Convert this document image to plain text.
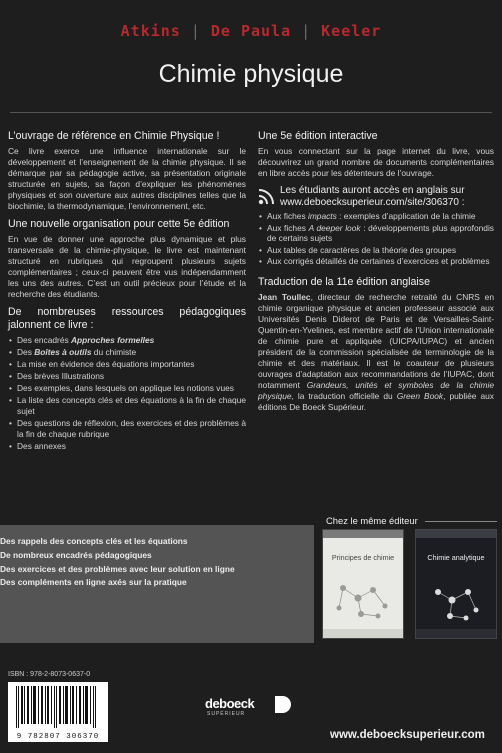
Atkins | De Paula | Keeler
Chimie physique
L’ouvrage de référence en Chimie Physique !

Ce livre exerce une influence internationale sur le développement et l’enseignement de la chimie physique. Il se démarque par sa pédagogie active, sa présentation originale structurée en sujets, sa façon d’expliquer les phénomènes physiques et son ouverture aux autres disciplines telles que la biochimie, la thermodynamique, l’environnement, etc.

Une nouvelle organisation pour cette 5e édition

En vue de donner une approche plus dynamique et plus transversale de la chimie-physique, le livre est maintenant structuré en rubriques qui regroupent plusieurs sujets complémentaires ; ceux-ci peuvent être vus indépendamment les uns des autres. C’est un outil précieux pour l’étude et la recherche des étudiants.

De nombreuses ressources pédagogiques jalonnent ce livre :
• Des encadrés Approches formelles
• Des Boîtes à outils du chimiste
• La mise en évidence des équations importantes
• Des brèves Illustrations
• Des exemples, dans lesquels on applique les notions vues
• La liste des concepts clés et des équations à la fin de chaque sujet
• Des questions de réflexion, des exercices et des problèmes à la fin de chaque rubrique
• Des annexes
Une 5e édition interactive

En vous connectant sur la page internet du livre, vous découvrirez un grand nombre de documents complémentaires en libre accès pour les détenteurs de l’ouvrage.

Les étudiants auront accès en anglais sur www.deboecksuperieur.com/site/306370 :
• Aux fiches impacts : exemples d’application de la chimie
• Aux fiches A deeper look : développements plus approfondis de certains sujets
• Aux tables de caractères de la théorie des groupes
• Aux corrigés détaillés de certaines d’exercices et problèmes
Traduction de la 11e édition anglaise

Jean Toullec, directeur de recherche retraité du CNRS en chimie organique physique et ancien professeur associé aux Universités Denis Diderot de Paris et de Versailles-Saint-Quentin-en-Yvelines, est membre actif de l’Union internationale de chimie pure et appliquée (UICPA/IUPAC) et ancien président de la commission spécialisée de terminologie de la chimie et des matériaux. Il est le coauteur de plusieurs ouvrages d’adaptation aux recommandations de l’IUPAC, dont notamment Grandeurs, unités et symboles de la chimie physique, la traduction officielle du Green Book, publiée aux éditions De Boeck Supérieur.

Des rappels des concepts clés et les équations
De nombreux encadrés pédagogiques
Des exercices et des problèmes avec leur solution en ligne
Des compléments en ligne axés sur la pratique
Chez le même éditeur
Principes de chimie	Chimie analytique
ISBN : 978-2-8073-0637-0
9 782807 306370
deboeck
SUPÉRIEUR
www.deboecksuperieur.com
